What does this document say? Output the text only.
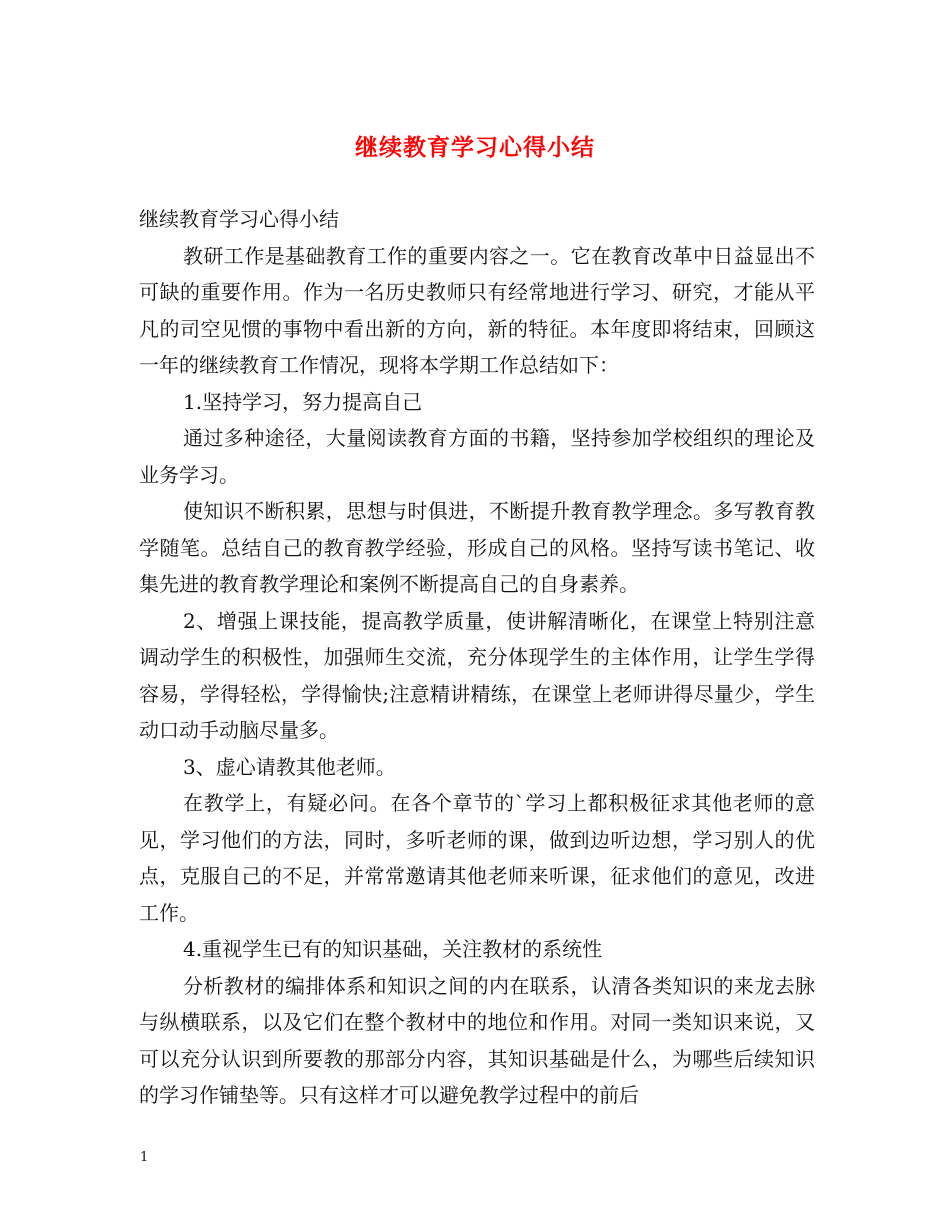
继续教育学习心得小结

继续教育学习心得小结

教研工作是基础教育工作的重要内容之一。它在教育改革中日益显出不可缺的重要作用。作为一名历史教师只有经常地进行学习、研究，才能从平凡的司空见惯的事物中看出新的方向，新的特征。本年度即将结束，回顾这一年的继续教育工作情况，现将本学期工作总结如下：

1.坚持学习，努力提高自己

通过多种途径，大量阅读教育方面的书籍，坚持参加学校组织的理论及业务学习。

使知识不断积累，思想与时俱进，不断提升教育教学理念。多写教育教学随笔。总结自己的教育教学经验，形成自己的风格。坚持写读书笔记、收集先进的教育教学理论和案例不断提高自己的自身素养。

2、增强上课技能，提高教学质量，使讲解清晰化，在课堂上特别注意调动学生的积极性，加强师生交流，充分体现学生的主体作用，让学生学得容易，学得轻松，学得愉快;注意精讲精练，在课堂上老师讲得尽量少，学生动口动手动脑尽量多。

3、虚心请教其他老师。

在教学上，有疑必问。在各个章节的`学习上都积极征求其他老师的意见，学习他们的方法，同时，多听老师的课，做到边听边想，学习别人的优点，克服自己的不足，并常常邀请其他老师来听课，征求他们的意见，改进工作。

4.重视学生已有的知识基础，关注教材的系统性

分析教材的编排体系和知识之间的内在联系，认清各类知识的来龙去脉与纵横联系，以及它们在整个教材中的地位和作用。对同一类知识来说，又可以充分认识到所要教的那部分内容，其知识基础是什么，为哪些后续知识的学习作铺垫等。只有这样才可以避免教学过程中的前后

1
